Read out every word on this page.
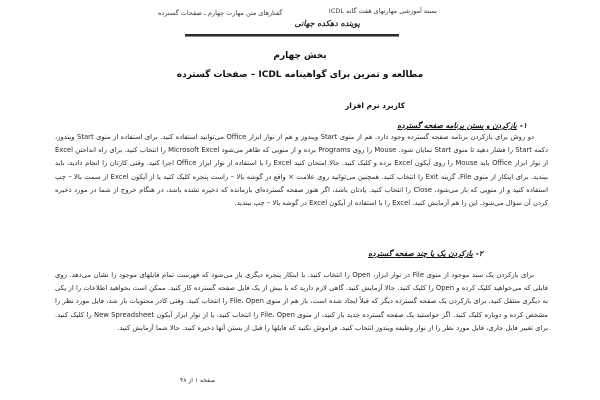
بسته آموزشی مهارتهای هفت گانه ICDL
گفتارهای متن مهارت چهارم ـ صفحات گسترده
پوینده دهکده جهانی
بخش چهارم
مطالعه و تمرین برای گواهینامه ICDL – صفحات گسترده
کاربرد نرم افزار
۱-بازکردن و بستن برنامه صفحه گسترده
دو روش برای بازکردن برنامه صفحه گسترده وجود دارد. هم از منوی Start ویندوز و هم از نوار ابزار Office می‌توانید استفاده کنید. برای استفاده از منوی Start ویندوز، دکمه Start را فشار دهید تا منوی Start نمایان شود. Mouse را روی Programs برده و از منویی که ظاهر می‌شود Microsoft Excel را انتخاب کنید. برای راه انداختن Excel از نوار ابزار Office باید Mouse را روی آیکون Excel برده و کلیک کنید. حالا امتحان کنید Excel را با استفاده از نوار ابزار Office اجرا کنید. وقتی کارتان را انجام دادید، باید ببندید. برای اینکار از منوی File، گزینه Exit را انتخاب کنید. همچنین می‌توانید روی علامت × واقع در گوشه بالا – راست پنجره کلیک کنید یا از آیکون Excel از سمت بالا – چپ استفاده کنید و از منویی که باز می‌شود، Close را انتخاب کنید. یادتان باشد، اگر هنوز صفحه گسترده‌ای بازمانده که ذخیره نشده باشد، در هنگام خروج از شما در مورد ذخیره کردن آن سؤال می‌شود. این را هم آزمایش کنید. Excel را با استفاده از آیکون Excel در گوشه بالا – چپ ببندید.
۲-بازکردن یک یا چند صفحه گسترده
برای بازکردن یک سند موجود از منوی File در نوار ابزار، Open را انتخاب کنید. با اینکار پنجره دیگری باز می‌شود که فهرست تمام فایلهای موجود را نشان می‌دهد. روی فایلی که می‌خواهید کلیک کرده و Open را کلیک کنید. حالا آزمایش کنید. گاهی لازم دارید که با بیش از یک فایل صفحه گسترده کار کنید. ممکن است بخواهید اطلاعات را از یکی به دیگری منتقل کنید. برای بازکردن یک صفحه گسترده دیگر که قبلاً ایجاد شده است، باز هم از منوی File، Open را انتخاب کنید. وقتی کادر محتویات باز شد، فایل مورد نظر را مشخص کرده و دوباره کلیک کنید. اگر خواستید یک صفحه گسترده جدید باز کنید، از منوی File، Open را انتخاب کنید، یا از نوار ابزار آیکون New Spreadsheet را کلیک کنید. برای تغییر فایل جاری، فایل مورد نظر را از نوار وظیفه ویندوز انتخاب کنید. فراموش نکنید که فایلها را قبل از بستن آنها ذخیره کنید. حالا شما آزمایش کنید.
صفحه ۱ از ۴۸
